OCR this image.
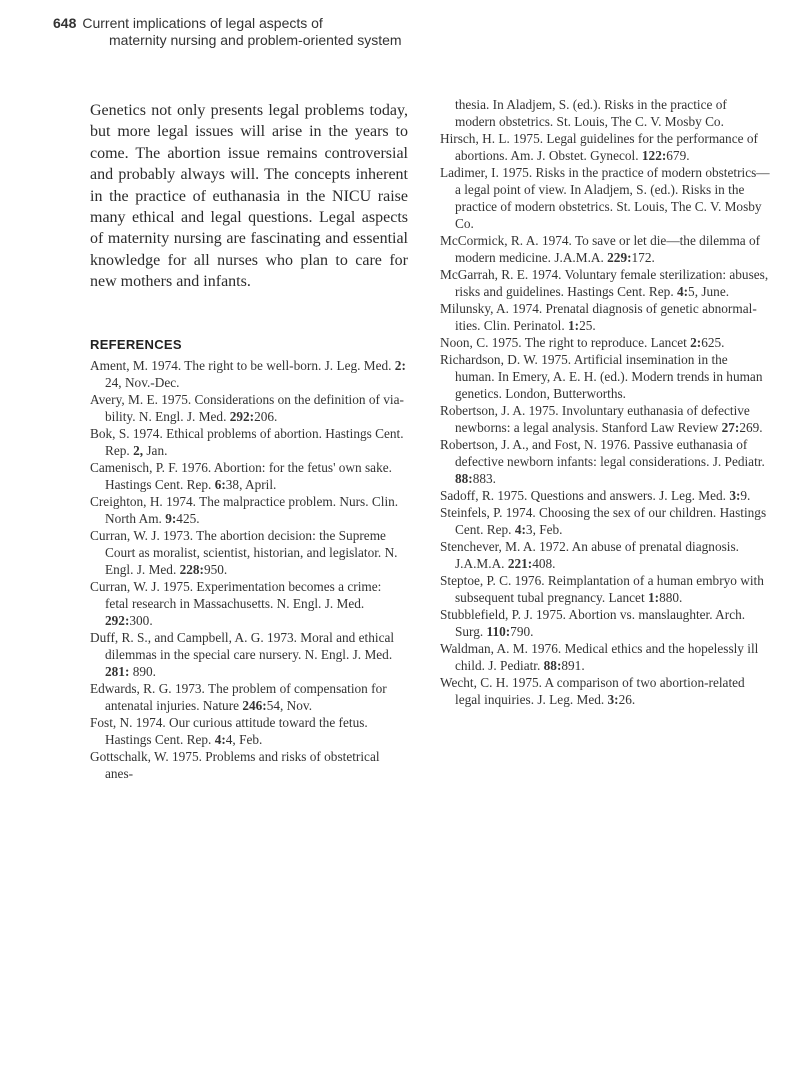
648 Current implications of legal aspects of
maternity nursing and problem-oriented system

Genetics not only presents legal problems today, but more legal issues will arise in the years to come. The abortion issue remains controversial and probably always will. The concepts inherent in the practice of euthanasia in the NICU raise many ethical and legal questions. Legal aspects of maternity nursing are fascinating and essential knowledge for all nurses who plan to care for new mothers and infants.

REFERENCES

Ament, M. 1974. The right to be well-born. J. Leg. Med. 2: 24, Nov.-Dec.

Avery, M. E. 1975. Considerations on the definition of viability. N. Engl. J. Med. 292:206.

Bok, S. 1974. Ethical problems of abortion. Hastings Cent. Rep. 2, Jan.

Camenisch, P. F. 1976. Abortion: for the fetus' own sake. Hastings Cent. Rep. 6:38, April.

Creighton, H. 1974. The malpractice problem. Nurs. Clin. North Am. 9:425.

Curran, W. J. 1973. The abortion decision: the Supreme Court as moralist, scientist, historian, and legislator. N. Engl. J. Med. 228:950.

Curran, W. J. 1975. Experimentation becomes a crime: fetal research in Massachusetts. N. Engl. J. Med. 292:300.

Duff, R. S., and Campbell, A. G. 1973. Moral and ethical dilemmas in the special care nursery. N. Engl. J. Med. 281: 890.

Edwards, R. G. 1973. The problem of compensation for antenatal injuries. Nature 246:54, Nov.

Fost, N. 1974. Our curious attitude toward the fetus. Hastings Cent. Rep. 4:4, Feb.

Gottschalk, W. 1975. Problems and risks of obstetrical anes-

thesia. In Aladjem, S. (ed.). Risks in the practice of modern obstetrics. St. Louis, The C. V. Mosby Co.

Hirsch, H. L. 1975. Legal guidelines for the performance of abortions. Am. J. Obstet. Gynecol. 122:679.

Ladimer, I. 1975. Risks in the practice of modern obstetrics— a legal point of view. In Aladjem, S. (ed.). Risks in the practice of modern obstetrics. St. Louis, The C. V. Mosby Co.

McCormick, R. A. 1974. To save or let die—the dilemma of modern medicine. J.A.M.A. 229:172.

McGarrah, R. E. 1974. Voluntary female sterilization: abuses, risks and guidelines. Hastings Cent. Rep. 4:5, June.

Milunsky, A. 1974. Prenatal diagnosis of genetic abnormalities. Clin. Perinatol. 1:25.

Noon, C. 1975. The right to reproduce. Lancet 2:625.

Richardson, D. W. 1975. Artificial insemination in the human. In Emery, A. E. H. (ed.). Modern trends in human genetics. London, Butterworths.

Robertson, J. A. 1975. Involuntary euthanasia of defective newborns: a legal analysis. Stanford Law Review 27:269.

Robertson, J. A., and Fost, N. 1976. Passive euthanasia of defective newborn infants: legal considerations. J. Pediatr. 88:883.

Sadoff, R. 1975. Questions and answers. J. Leg. Med. 3:9.

Steinfels, P. 1974. Choosing the sex of our children. Hastings Cent. Rep. 4:3, Feb.

Stenchever, M. A. 1972. An abuse of prenatal diagnosis. J.A.M.A. 221:408.

Steptoe, P. C. 1976. Reimplantation of a human embryo with subsequent tubal pregnancy. Lancet 1:880.

Stubblefield, P. J. 1975. Abortion vs. manslaughter. Arch. Surg. 110:790.

Waldman, A. M. 1976. Medical ethics and the hopelessly ill child. J. Pediatr. 88:891.

Wecht, C. H. 1975. A comparison of two abortion-related legal inquiries. J. Leg. Med. 3:26.
